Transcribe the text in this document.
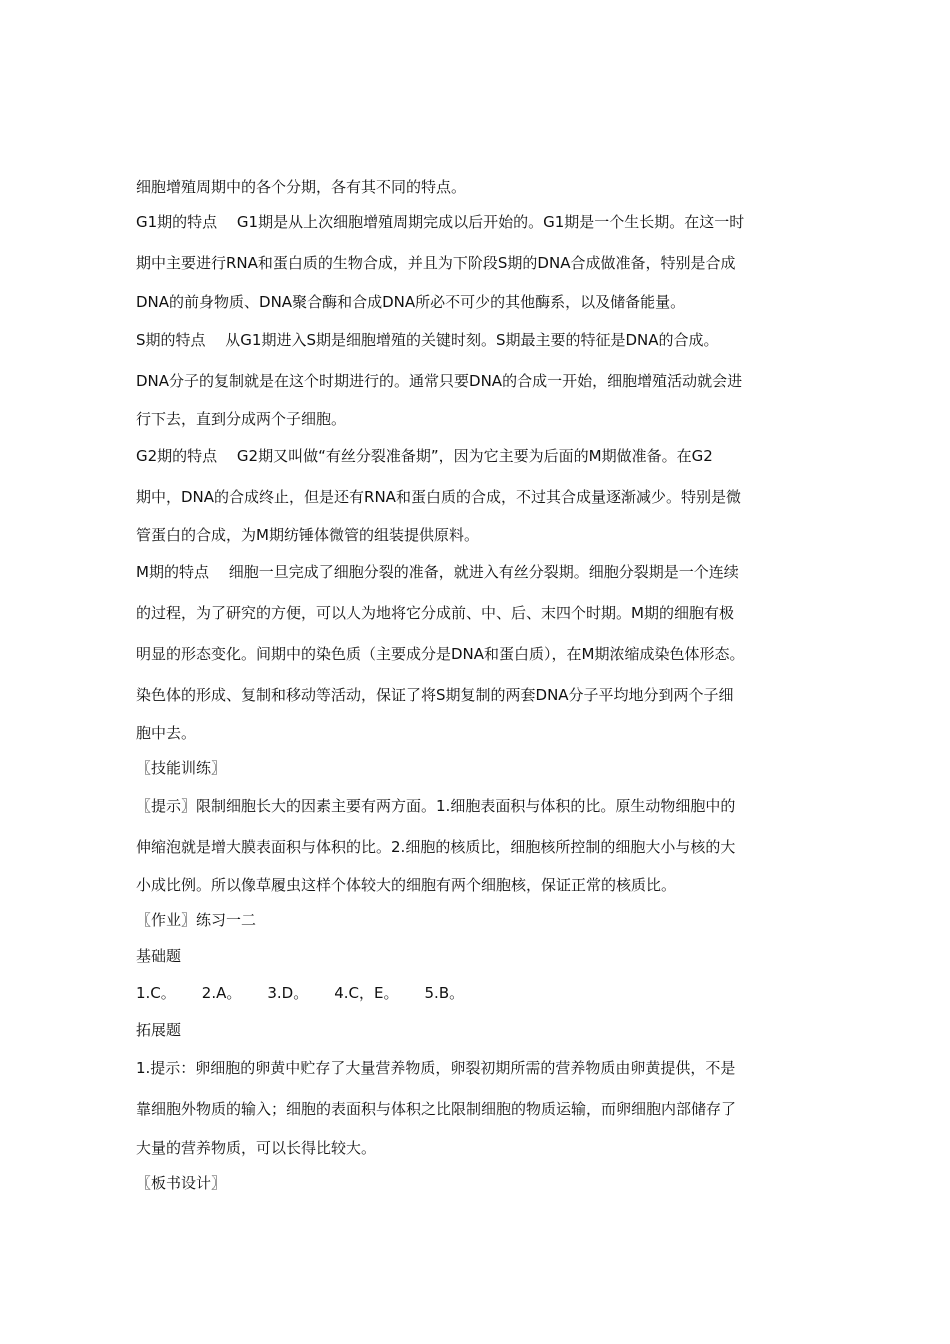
细胞增殖周期中的各个分期，各有其不同的特点。
G1期的特点　 G1期是从上次细胞增殖周期完成以后开始的。G1期是一个生长期。在这一时
期中主要进行RNA和蛋白质的生物合成，并且为下阶段S期的DNA合成做准备，特别是合成
DNA的前身物质、DNA聚合酶和合成DNA所必不可少的其他酶系，以及储备能量。
S期的特点　 从G1期进入S期是细胞增殖的关键时刻。S期最主要的特征是DNA的合成。
DNA分子的复制就是在这个时期进行的。通常只要DNA的合成一开始，细胞增殖活动就会进
行下去，直到分成两个子细胞。
G2期的特点　 G2期又叫做“有丝分裂准备期”，因为它主要为后面的M期做准备。在G2
期中，DNA的合成终止，但是还有RNA和蛋白质的合成，不过其合成量逐渐减少。特别是微
管蛋白的合成，为M期纺锤体微管的组装提供原料。
M期的特点　 细胞一旦完成了细胞分裂的准备，就进入有丝分裂期。细胞分裂期是一个连续
的过程，为了研究的方便，可以人为地将它分成前、中、后、末四个时期。M期的细胞有极
明显的形态变化。间期中的染色质（主要成分是DNA和蛋白质），在M期浓缩成染色体形态。
染色体的形成、复制和移动等活动，保证了将S期复制的两套DNA分子平均地分到两个子细
胞中去。
〖技能训练〗
〖提示〗限制细胞长大的因素主要有两方面。1.细胞表面积与体积的比。原生动物细胞中的
伸缩泡就是增大膜表面积与体积的比。2.细胞的核质比，细胞核所控制的细胞大小与核的大
小成比例。所以像草履虫这样个体较大的细胞有两个细胞核，保证正常的核质比。
〖作业〗练习一二
基础题
1.C。 2.A。 3.D。 4.C，E。 5.B。
拓展题
1.提示：卵细胞的卵黄中贮存了大量营养物质，卵裂初期所需的营养物质由卵黄提供，不是
靠细胞外物质的输入；细胞的表面积与体积之比限制细胞的物质运输，而卵细胞内部储存了
大量的营养物质，可以长得比较大。
〖板书设计〗
